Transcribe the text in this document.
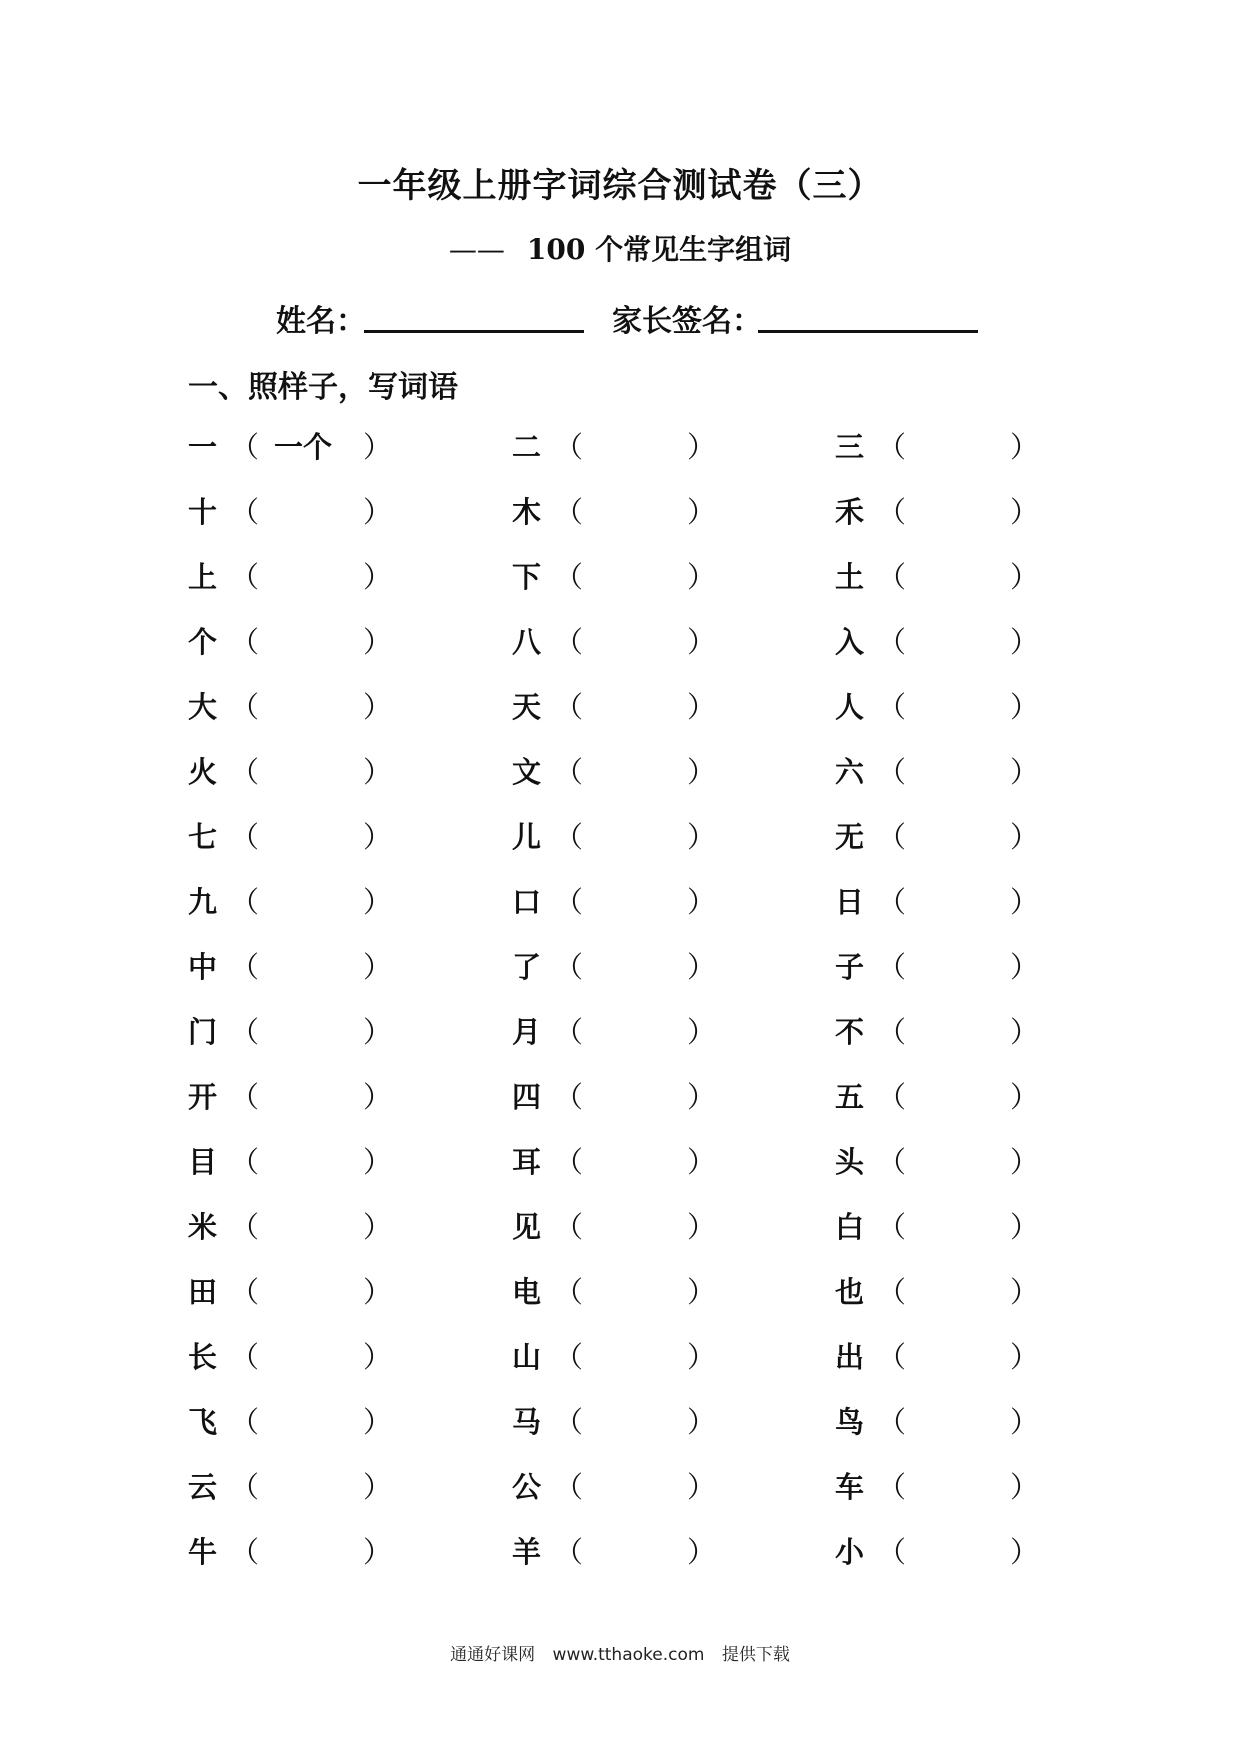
一年级上册字词综合测试卷（三）
—— 100 个常见生字组词
姓名：	家长签名：
一、照样子，写词语
一 （ 一个 ）	二 （	）	三 （	）
十 （	）	木 （	）	禾 （	）
上 （	）	下 （	）	土 （	）
个 （	）	八 （	）	入 （	）
大 （	）	天 （	）	人 （	）
火 （	）	文 （	）	六 （	）
七 （	）	儿 （	）	无 （	）
九 （	）	口 （	）	日 （	）
中 （	）	了 （	）	子 （	）
门 （	）	月 （	）	不 （	）
开 （	）	四 （	）	五 （	）
目 （	）	耳 （	）	头 （	）
米 （	）	见 （	）	白 （	）
田 （	）	电 （	）	也 （	）
长 （	）	山 （	）	出 （	）
飞 （	）	马 （	）	鸟 （	）
云 （	）	公 （	）	车 （	）
牛 （	）	羊 （	）	小 （	）
通通好课网 www.tthaoke.com 提供下载
